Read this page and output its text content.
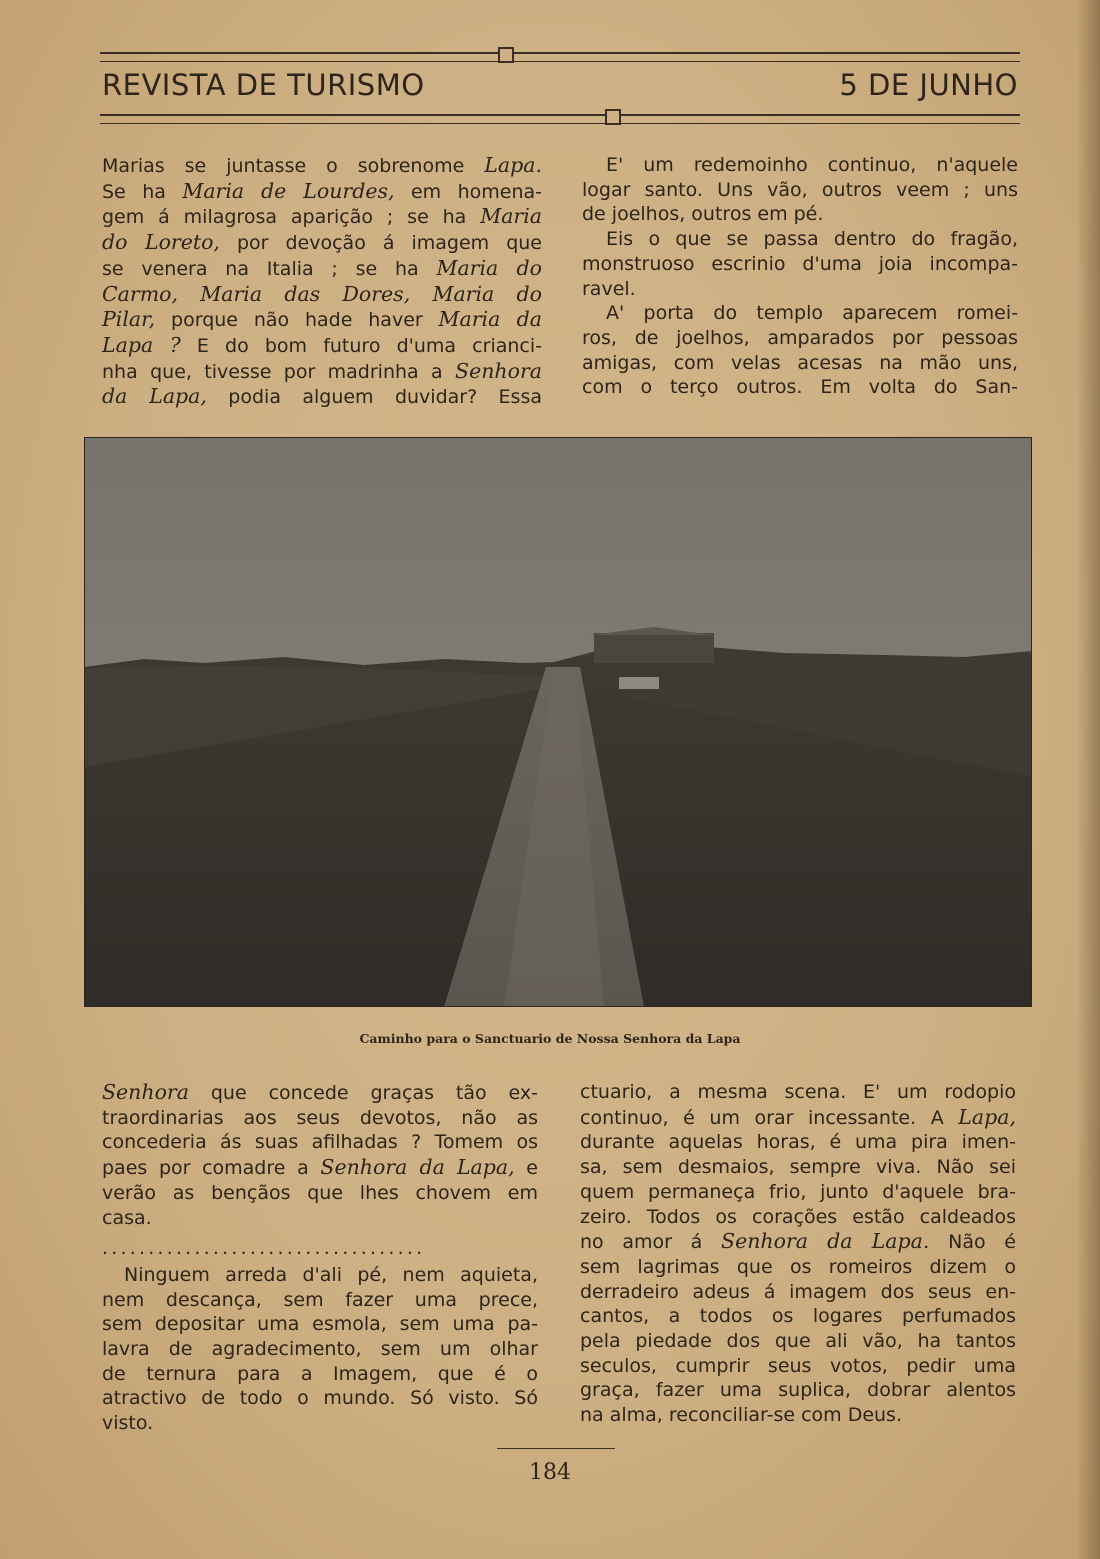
REVISTA DE TURISMO	5 DE JUNHO
Marias se juntasse o sobrenome Lapa.
Se ha Maria de Lourdes, em homena-
gem á milagrosa aparição ; se ha Maria
do Loreto, por devoção á imagem que
se venera na Italia ; se ha Maria do
Carmo, Maria das Dores, Maria do
Pilar, porque não hade haver Maria da
Lapa ? E do bom futuro d'uma crianci-
nha que, tivesse por madrinha a Senhora
da Lapa, podia alguem duvidar? Essa
E' um redemoinho continuo, n'aquele
logar santo. Uns vão, outros veem ; uns
de joelhos, outros em pé.
Eis o que se passa dentro do fragão,
monstruoso escrinio d'uma joia incompa-
ravel.
A' porta do templo aparecem romei-
ros, de joelhos, amparados por pessoas
amigas, com velas acesas na mão uns,
com o terço outros. Em volta do San-
Caminho para o Sanctuario de Nossa Senhora da Lapa
Senhora que concede graças tão ex-
traordinarias aos seus devotos, não as
concederia ás suas afilhadas ? Tomem os
paes por comadre a Senhora da Lapa, e
verão as bençãos que lhes chovem em
casa.
...................................
Ninguem arreda d'ali pé, nem aquieta,
nem descança, sem fazer uma prece,
sem depositar uma esmola, sem uma pa-
lavra de agradecimento, sem um olhar
de ternura para a Imagem, que é o
atractivo de todo o mundo. Só visto. Só
visto.
ctuario, a mesma scena. E' um rodopio
continuo, é um orar incessante. A Lapa,
durante aquelas horas, é uma pira imen-
sa, sem desmaios, sempre viva. Não sei
quem permaneça frio, junto d'aquele bra-
zeiro. Todos os corações estão caldeados
no amor á Senhora da Lapa. Não é
sem lagrimas que os romeiros dizem o
derradeiro adeus á imagem dos seus en-
cantos, a todos os logares perfumados
pela piedade dos que ali vão, ha tantos
seculos, cumprir seus votos, pedir uma
graça, fazer uma suplica, dobrar alentos
na alma, reconciliar-se com Deus.
184
